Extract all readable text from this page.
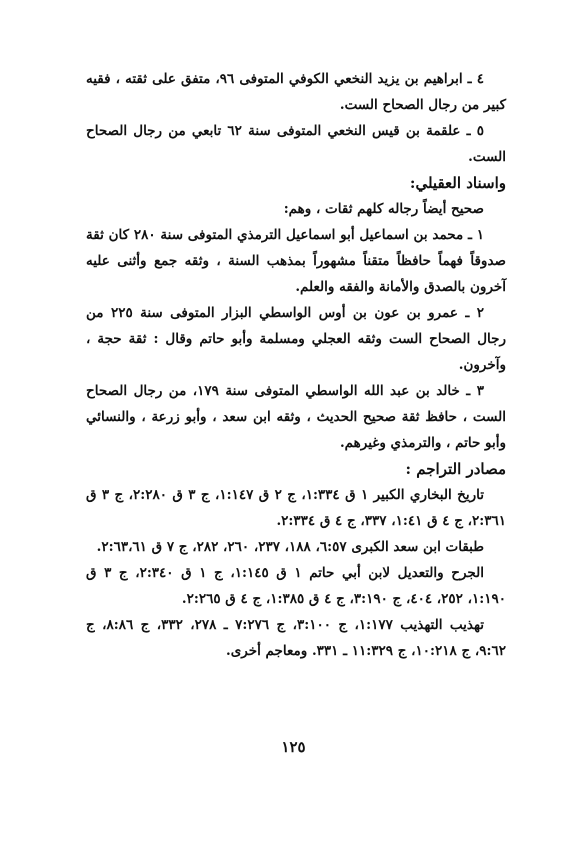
٤ ـ ابراهيم بن يزيد النخعي الكوفي المتوفى ٩٦، متفق على ثقته ، فقيه كبير من رجال الصحاح الست.

٥ ـ علقمة بن قيس النخعي المتوفى سنة ٦٢ تابعي من رجال الصحاح الست.

واسناد العقيلي:

صحيح أيضاً رجاله كلهم ثقات ، وهم:

١ ـ محمد بن اسماعيل أبو اسماعيل الترمذي المتوفى سنة ٢٨٠ كان ثقة صدوقاً فهماً حافظاً متقناً مشهوراً بمذهب السنة ، وثقه جمع وأثنى عليه آخرون بالصدق والأمانة والفقه والعلم.

٢ ـ عمرو بن عون بن أوس الواسطي البزار المتوفى سنة ٢٢٥ من رجال الصحاح الست وثقه العجلي ومسلمة وأبو حاتم وقال : ثقة حجة ، وآخرون.

٣ ـ خالد بن عبد الله الواسطي المتوفى سنة ١٧٩، من رجال الصحاح الست ، حافظ ثقة صحيح الحديث ، وثقه ابن سعد ، وأبو زرعة ، والنسائي وأبو حاتم ، والترمذي وغيرهم.

مصادر التراجم :

تاريخ البخاري الكبير ١ ق ١:٣٣٤، ج ٢ ق ١:١٤٧، ج ٣ ق ٢:٢٨٠، ج ٣ ق ٢:٣٦١، ج ٤ ق ١:٤١، ٣٣٧، ج ٤ ق ٢:٣٣٤.

طبقات ابن سعد الكبرى ٦:٥٧، ١٨٨، ٢٣٧، ٢٦٠، ٢٨٢، ج ٧ ق ٢:٦٣،٦١.

الجرح والتعديل لابن أبي حاتم ١ ق ١:١٤٥، ج ١ ق ٢:٣٤٠، ج ٣ ق ١:١٩٠، ٢٥٢، ٤٠٤، ج ٣:١٩٠، ج ٤ ق ١:٣٨٥، ج ٤ ق ٢:٢٦٥.

تهذيب التهذيب ١:١٧٧، ج ٣:١٠٠، ج ٧:٢٧٦ ـ ٢٧٨، ٣٣٢، ج ٨:٨٦، ج ٩:٦٢، ج ١٠:٢١٨، ج ١١:٣٢٩ ـ ٣٣١. ومعاجم أخرى.

١٢٥
